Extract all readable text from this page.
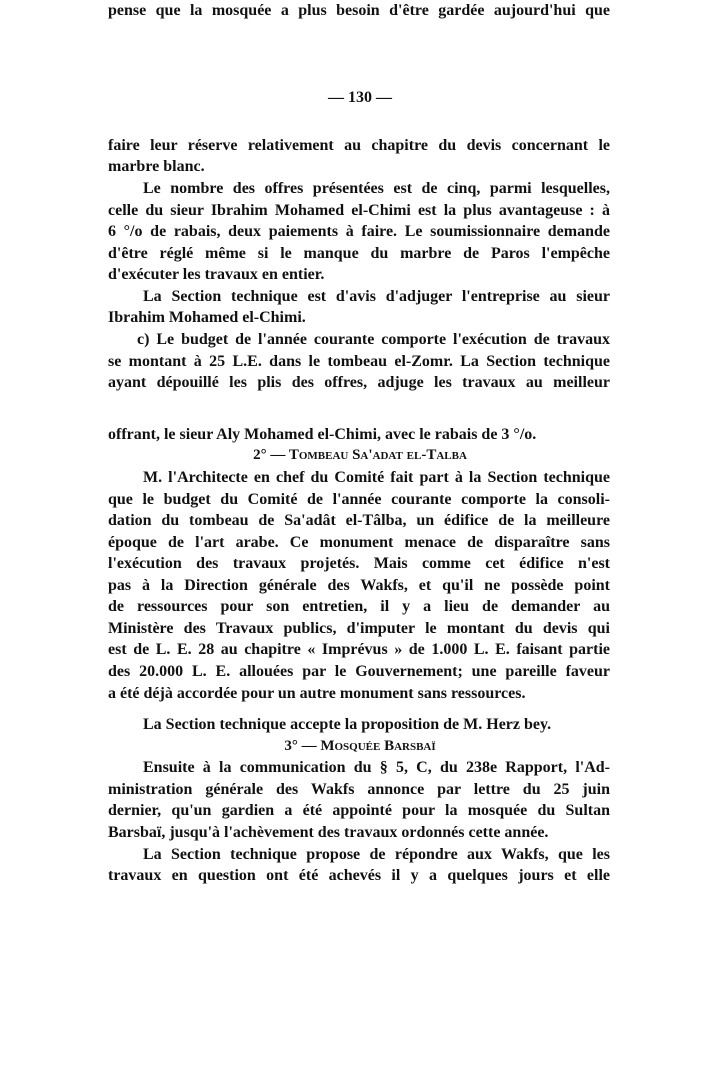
— 130 —
faire leur réserve relativement au chapitre du devis concernant le
marbre blanc.
Le nombre des offres présentées est de cinq, parmi lesquelles,
celle du sieur Ibrahim Mohamed el-Chimi est la plus avantageuse : à
6 °/o de rabais, deux paiements à faire. Le soumissionnaire demande
d'être réglé même si le manque du marbre de Paros l'empêche
d'exécuter les travaux en entier.
La Section technique est d'avis d'adjuger l'entreprise au sieur
Ibrahim Mohamed el-Chimi.
c) Le budget de l'année courante comporte l'exécution de travaux
se montant à 25 L.E. dans le tombeau el-Zomr. La Section technique
ayant dépouillé les plis des offres, adjuge les travaux au meilleur
offrant, le sieur Aly Mohamed el-Chimi, avec le rabais de 3 °/o.
2° — Tombeau Sa'adat el-Talba
M. l'Architecte en chef du Comité fait part à la Section technique
que le budget du Comité de l'année courante comporte la consoli-
dation du tombeau de Sa'adât el-Tâlba, un édifice de la meilleure
époque de l'art arabe. Ce monument menace de disparaître sans
l'exécution des travaux projetés. Mais comme cet édifice n'est
pas à la Direction générale des Wakfs, et qu'il ne possède point
de ressources pour son entretien, il y a lieu de demander au
Ministère des Travaux publics, d'imputer le montant du devis qui
est de L. E. 28 au chapitre « Imprévus » de 1.000 L. E. faisant partie
des 20.000 L. E. allouées par le Gouvernement; une pareille faveur
a été déjà accordée pour un autre monument sans ressources.
La Section technique accepte la proposition de M. Herz bey.
3° — Mosquée Barsbaï
Ensuite à la communication du § 5, C, du 238e Rapport, l'Ad-
ministration générale des Wakfs annonce par lettre du 25 juin
dernier, qu'un gardien a été appointé pour la mosquée du Sultan
Barsbaï, jusqu'à l'achèvement des travaux ordonnés cette année.
La Section technique propose de répondre aux Wakfs, que les
travaux en question ont été achevés il y a quelques jours et elle
pense que la mosquée a plus besoin d'être gardée aujourd'hui que
